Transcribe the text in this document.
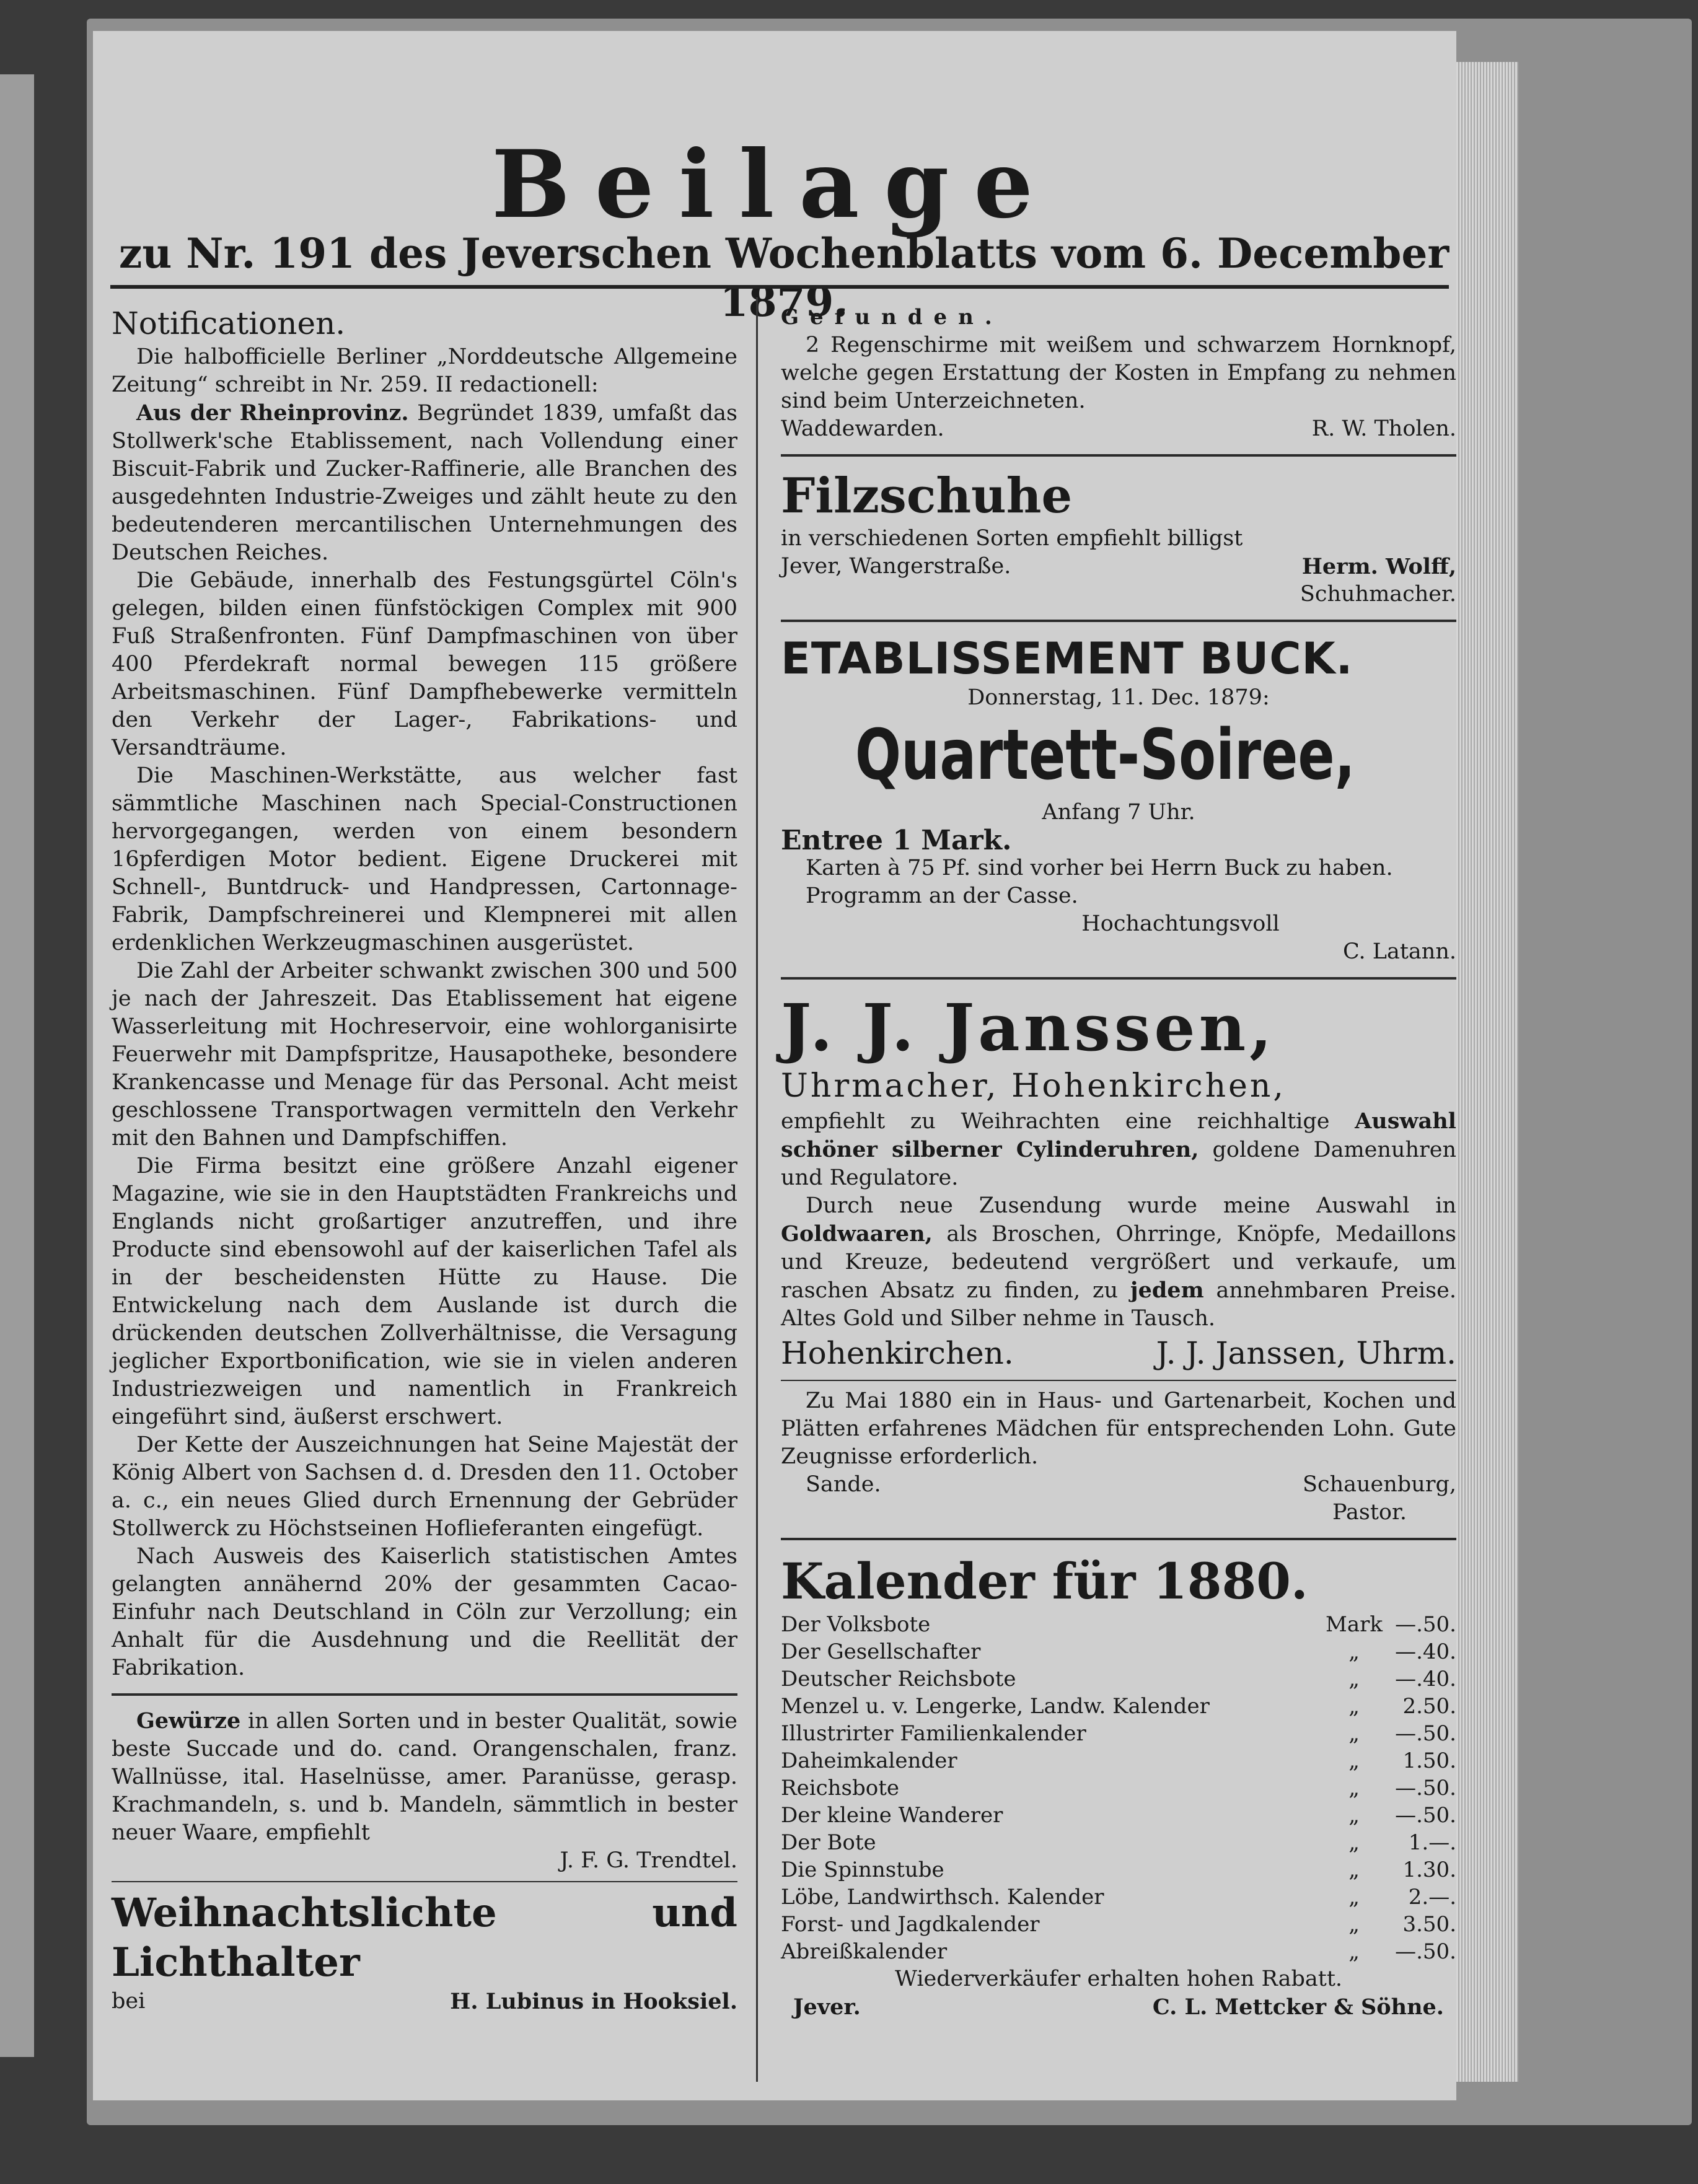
Beilage
zu Nr. 191 des Jeverschen Wochenblatts vom 6. December 1879.

Notificationen.

Die halbofficielle Berliner „Norddeutsche Allgemeine Zeitung“ schreibt in Nr. 259. II redactionell:

Aus der Rheinprovinz. Begründet 1839, umfaßt das Stollwerk'sche Etablissement, nach Vollendung einer Biscuit-Fabrik und Zucker-Raffinerie, alle Branchen des ausgedehnten Industrie-Zweiges und zählt heute zu den bedeutenderen mercantilischen Unternehmungen des Deutschen Reiches.

Die Gebäude, innerhalb des Festungsgürtel Cöln's gelegen, bilden einen fünfstöckigen Complex mit 900 Fuß Straßenfronten. Fünf Dampfmaschinen von über 400 Pferdekraft normal bewegen 115 größere Arbeitsmaschinen. Fünf Dampfhebewerke vermitteln den Verkehr der Lager-, Fabrikations- und Versandträume.

Die Maschinen-Werkstätte, aus welcher fast sämmtliche Maschinen nach Special-Constructionen hervorgegangen, werden von einem besondern 16pferdigen Motor bedient. Eigene Druckerei mit Schnell-, Buntdruck- und Handpressen, Cartonnage-Fabrik, Dampfschreinerei und Klempnerei mit allen erdenklichen Werkzeugmaschinen ausgerüstet.

Die Zahl der Arbeiter schwankt zwischen 300 und 500 je nach der Jahreszeit. Das Etablissement hat eigene Wasserleitung mit Hochreservoir, eine wohlorganisirte Feuerwehr mit Dampfspritze, Hausapotheke, besondere Krankencasse und Menage für das Personal. Acht meist geschlossene Transportwagen vermitteln den Verkehr mit den Bahnen und Dampfschiffen.

Die Firma besitzt eine größere Anzahl eigener Magazine, wie sie in den Hauptstädten Frankreichs und Englands nicht großartiger anzutreffen, und ihre Producte sind ebensowohl auf der kaiserlichen Tafel als in der bescheidensten Hütte zu Hause. Die Entwickelung nach dem Auslande ist durch die drückenden deutschen Zollverhältnisse, die Versagung jeglicher Exportbonification, wie sie in vielen anderen Industriezweigen und namentlich in Frankreich eingeführt sind, äußerst erschwert.

Der Kette der Auszeichnungen hat Seine Majestät der König Albert von Sachsen d. d. Dresden den 11. October a. c., ein neues Glied durch Ernennung der Gebrüder Stollwerck zu Höchstseinen Hoflieferanten eingefügt.

Nach Ausweis des Kaiserlich statistischen Amtes gelangten annähernd 20% der gesammten Cacao-Einfuhr nach Deutschland in Cöln zur Verzollung; ein Anhalt für die Ausdehnung und die Reellität der Fabrikation.

Gewürze in allen Sorten und in bester Qualität, sowie beste Succade und do. cand. Orangenschalen, franz. Wallnüsse, ital. Haselnüsse, amer. Paranüsse, gerasp. Krachmandeln, s. und b. Mandeln, sämmtlich in bester neuer Waare, empfiehlt

J. F. G. Trendtel.

Weihnachtslichte und Lichthalter

bei	H. Lubinus in Hooksiel.

Gefunden.

2 Regenschirme mit weißem und schwarzem Hornknopf, welche gegen Erstattung der Kosten in Empfang zu nehmen sind beim Unterzeichneten.

Waddewarden.	R. W. Tholen.

Filzschuhe

in verschiedenen Sorten empfiehlt billigst

Jever, Wangerstraße.	Herm. Wolff,

Schuhmacher.

ETABLISSEMENT BUCK.

Donnerstag, 11. Dec. 1879:

Quartett-Soiree,

Anfang 7 Uhr.

Entree 1 Mark.

Karten à 75 Pf. sind vorher bei Herrn Buck zu haben.

Programm an der Casse.

Hochachtungsvoll

C. Latann.

J. J. Janssen,

Uhrmacher, Hohenkirchen,

empfiehlt zu Weihrachten eine reichhaltige Auswahl schöner silberner Cylinderuhren, goldene Damenuhren und Regulatore.

Durch neue Zusendung wurde meine Auswahl in Goldwaaren, als Broschen, Ohrringe, Knöpfe, Medaillons und Kreuze, bedeutend vergrößert und verkaufe, um raschen Absatz zu finden, zu jedem annehmbaren Preise. Altes Gold und Silber nehme in Tausch.

Hohenkirchen.	J. J. Janssen, Uhrm.

Zu Mai 1880 ein in Haus- und Gartenarbeit, Kochen und Plätten erfahrenes Mädchen für entsprechenden Lohn. Gute Zeugnisse erforderlich.

Sande.	Schauenburg,

Pastor.

Kalender für 1880.

Der Volksbote	Mark —.50.
Der Gesellschafter	„	—.40.
Deutscher Reichsbote	„	—.40.
Menzel u. v. Lengerke, Landw. Kalender	„	2.50.
Illustrirter Familienkalender	„	—.50.
Daheimkalender	„	1.50.
Reichsbote	„	—.50.
Der kleine Wanderer	„	—.50.
Der Bote	„	1.—.
Die Spinnstube	„	1.30.
Löbe, Landwirthsch. Kalender	„	2.—.
Forst- und Jagdkalender	„	3.50.
Abreißkalender	„	—.50.

Wiederverkäufer erhalten hohen Rabatt.

Jever.	C. L. Mettcker & Söhne.
